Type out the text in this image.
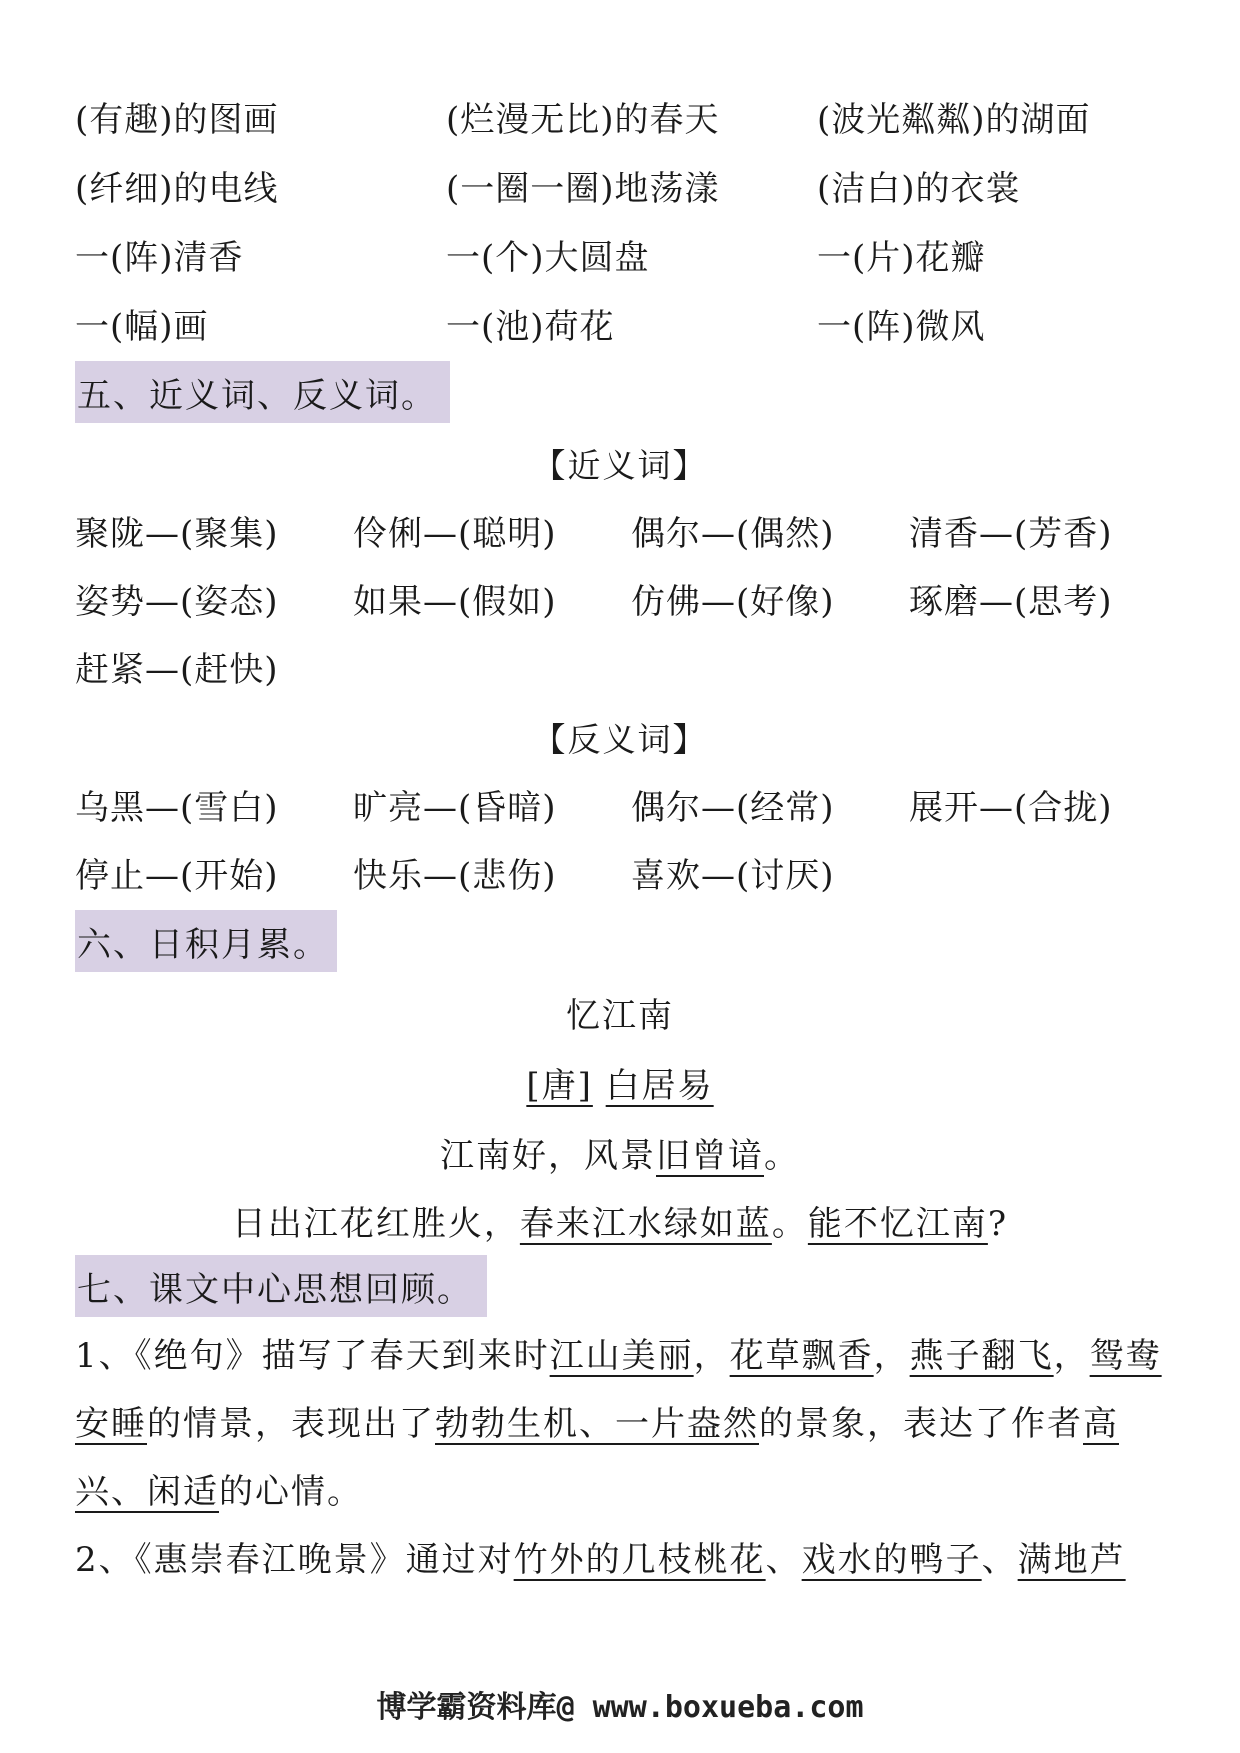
(有趣)的图画	(烂漫无比)的春天	(波光粼粼)的湖面
(纤细)的电线	(一圈一圈)地荡漾	(洁白)的衣裳
一(阵)清香	一(个)大圆盘	一(片)花瓣
一(幅)画	一(池)荷花	一(阵)微风
五、近义词、反义词。
【近义词】
聚陇—(聚集)	伶俐—(聪明)	偶尔—(偶然)	清香—(芳香)
姿势—(姿态)	如果—(假如)	仿佛—(好像)	琢磨—(思考)
赶紧—(赶快)
【反义词】
乌黑—(雪白)	旷亮—(昏暗)	偶尔—(经常)	展开—(合拢)
停止—(开始)	快乐—(悲伤)	喜欢—(讨厌)
六、日积月累。
忆江南
[唐] 白居易
江南好，风景旧曾谙。
日出江花红胜火，春来江水绿如蓝。能不忆江南?
七、课文中心思想回顾。
1、《绝句》描写了春天到来时江山美丽，花草飘香，燕子翻飞，鸳鸯安睡的情景，表现出了勃勃生机、一片盎然的景象，表达了作者高兴、闲适的心情。
2、《惠崇春江晚景》通过对竹外的几枝桃花、戏水的鸭子、满地芦
博学霸资料库@ www.boxueba.com
